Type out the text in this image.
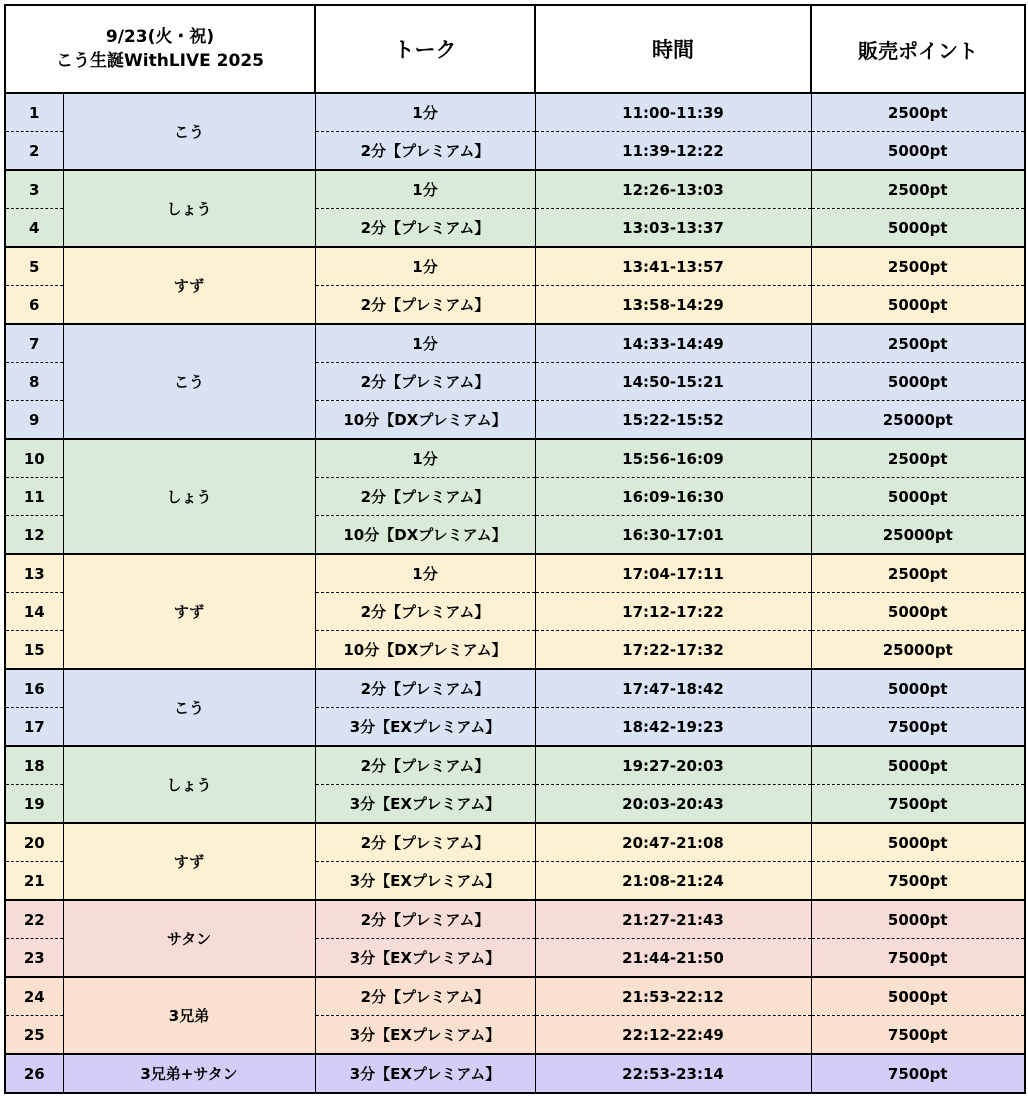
9/23(火・祝)
こう生誕WithLIVE 2025		トーク	時間	販売ポイント
1	こう	1分	11:00-11:39	2500pt
2		2分【プレミアム】	11:39-12:22	5000pt
3	しょう	1分	12:26-13:03	2500pt
4		2分【プレミアム】	13:03-13:37	5000pt
5	すず	1分	13:41-13:57	2500pt
6		2分【プレミアム】	13:58-14:29	5000pt
7	こう	1分	14:33-14:49	2500pt
8		2分【プレミアム】	14:50-15:21	5000pt
9		10分【DXプレミアム】	15:22-15:52	25000pt
10	しょう	1分	15:56-16:09	2500pt
11		2分【プレミアム】	16:09-16:30	5000pt
12		10分【DXプレミアム】	16:30-17:01	25000pt
13	すず	1分	17:04-17:11	2500pt
14		2分【プレミアム】	17:12-17:22	5000pt
15		10分【DXプレミアム】	17:22-17:32	25000pt
16	こう	2分【プレミアム】	17:47-18:42	5000pt
17		3分【EXプレミアム】	18:42-19:23	7500pt
18	しょう	2分【プレミアム】	19:27-20:03	5000pt
19		3分【EXプレミアム】	20:03-20:43	7500pt
20	すず	2分【プレミアム】	20:47-21:08	5000pt
21		3分【EXプレミアム】	21:08-21:24	7500pt
22	サタン	2分【プレミアム】	21:27-21:43	5000pt
23		3分【EXプレミアム】	21:44-21:50	7500pt
24	3兄弟	2分【プレミアム】	21:53-22:12	5000pt
25		3分【EXプレミアム】	22:12-22:49	7500pt
26	3兄弟+サタン	3分【EXプレミアム】	22:53-23:14	7500pt
